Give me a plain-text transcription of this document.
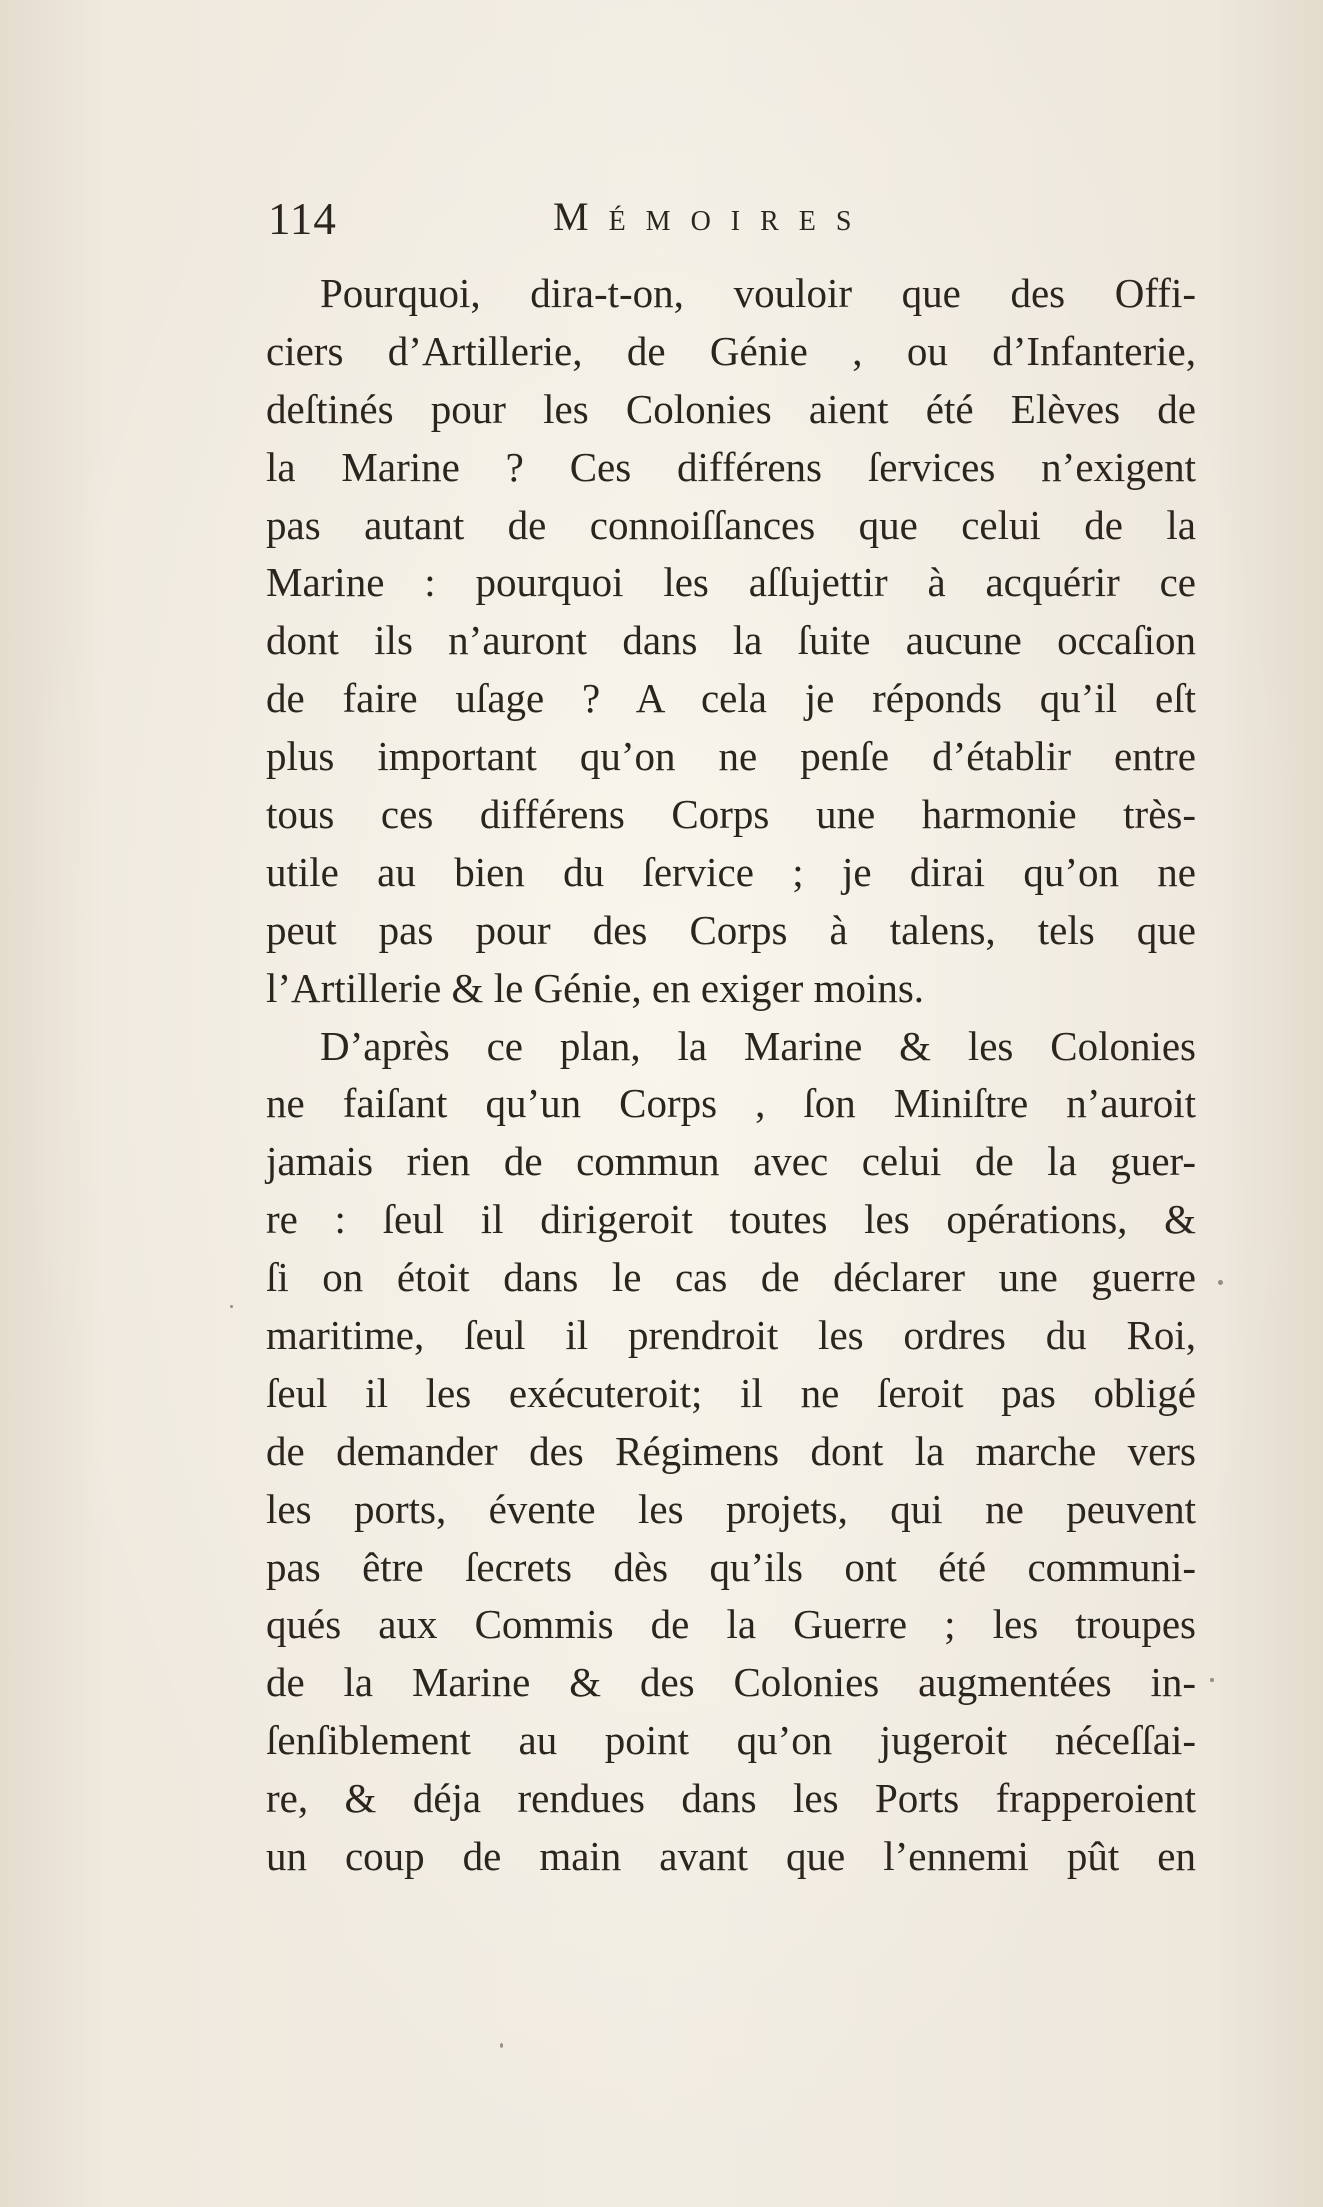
114	Mémoires
Pourquoi, dira-t-on, vouloir que des Offi-
ciers d’Artillerie, de Génie , ou d’Infanterie,
deſtinés pour les Colonies aient été Elèves de
la Marine ? Ces différens ſervices n’exigent
pas autant de connoiſſances que celui de la
Marine : pourquoi les aſſujettir à acquérir ce
dont ils n’auront dans la ſuite aucune occaſion
de faire uſage ? A cela je réponds qu’il eſt
plus important qu’on ne penſe d’établir entre
tous ces différens Corps une harmonie très-
utile au bien du ſervice ; je dirai qu’on ne
peut pas pour des Corps à talens, tels que
l’Artillerie & le Génie, en exiger moins.
D’après ce plan, la Marine & les Colonies
ne faiſant qu’un Corps , ſon Miniſtre n’auroit
jamais rien de commun avec celui de la guer-
re : ſeul il dirigeroit toutes les opérations, &
ſi on étoit dans le cas de déclarer une guerre
maritime, ſeul il prendroit les ordres du Roi,
ſeul il les exécuteroit; il ne ſeroit pas obligé
de demander des Régimens dont la marche vers
les ports, évente les projets, qui ne peuvent
pas être ſecrets dès qu’ils ont été communi-
qués aux Commis de la Guerre ; les troupes
de la Marine & des Colonies augmentées in-
ſenſiblement au point qu’on jugeroit néceſſai-
re, & déja rendues dans les Ports frapperoient
un coup de main avant que l’ennemi pût en
